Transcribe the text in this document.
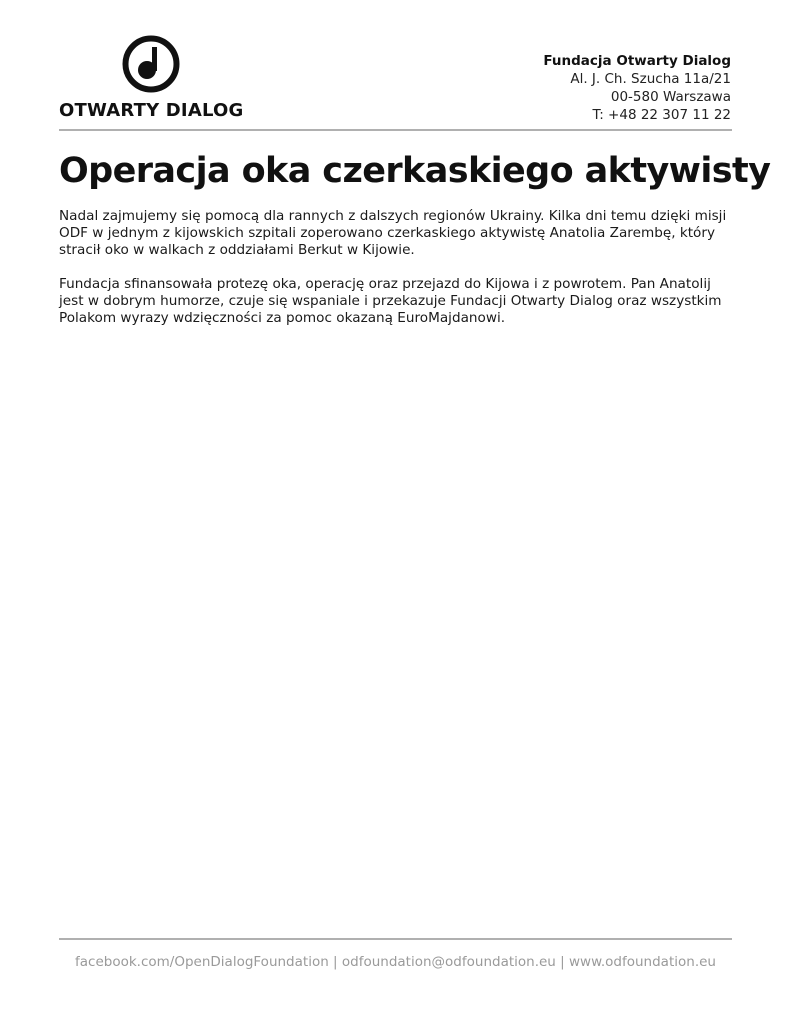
OTWARTY DIALOG
Fundacja Otwarty Dialog
Al. J. Ch. Szucha 11a/21
00-580 Warszawa
T: +48 22 307 11 22
Operacja oka czerkaskiego aktywisty

Nadal zajmujemy się pomocą dla rannych z dalszych regionów Ukrainy. Kilka dni temu dzięki misji ODF w jednym z kijowskich szpitali zoperowano czerkaskiego aktywistę Anatolia Zarembę, który stracił oko w walkach z oddziałami Berkut w Kijowie.

Fundacja sfinansowała protezę oka, operację oraz przejazd do Kijowa i z powrotem. Pan Anatolij jest w dobrym humorze, czuje się wspaniale i przekazuje Fundacji Otwarty Dialog oraz wszystkim Polakom wyrazy wdzięczności za pomoc okazaną EuroMajdanowi.

facebook.com/OpenDialogFoundation | odfoundation@odfoundation.eu | www.odfoundation.eu
